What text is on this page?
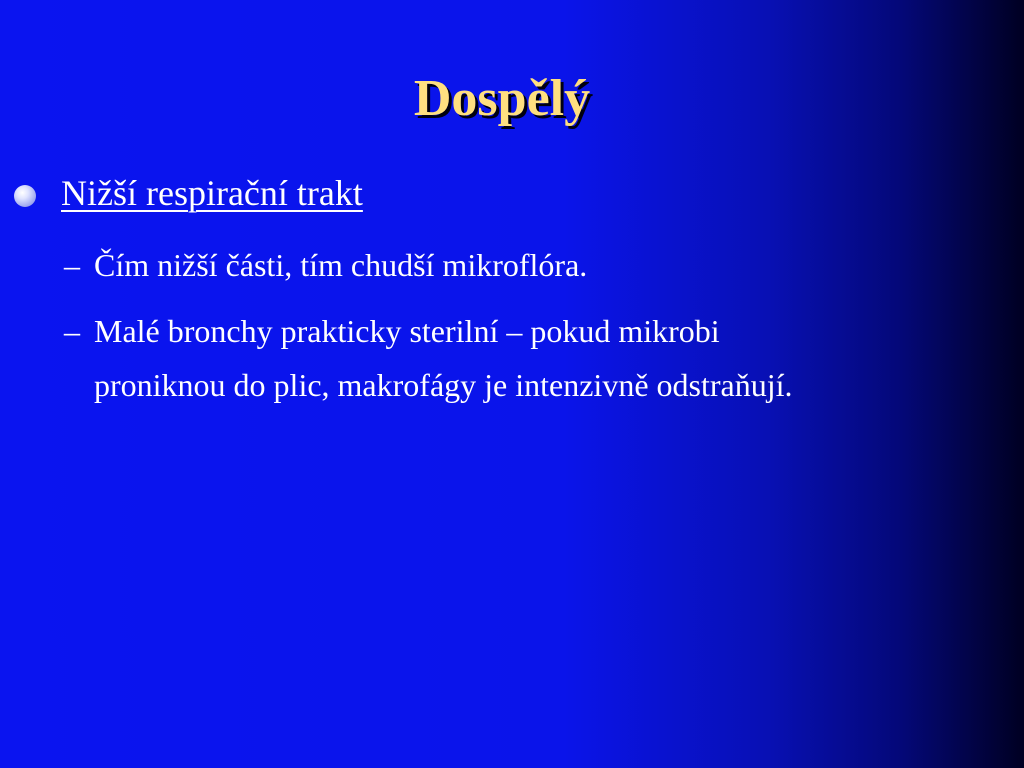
Dospělý
Nižší respirační trakt
– Čím nižší části, tím chudší mikroflóra.
– Malé bronchy prakticky sterilní – pokud mikrobi
proniknou do plic, makrofágy je intenzivně odstraňují.
